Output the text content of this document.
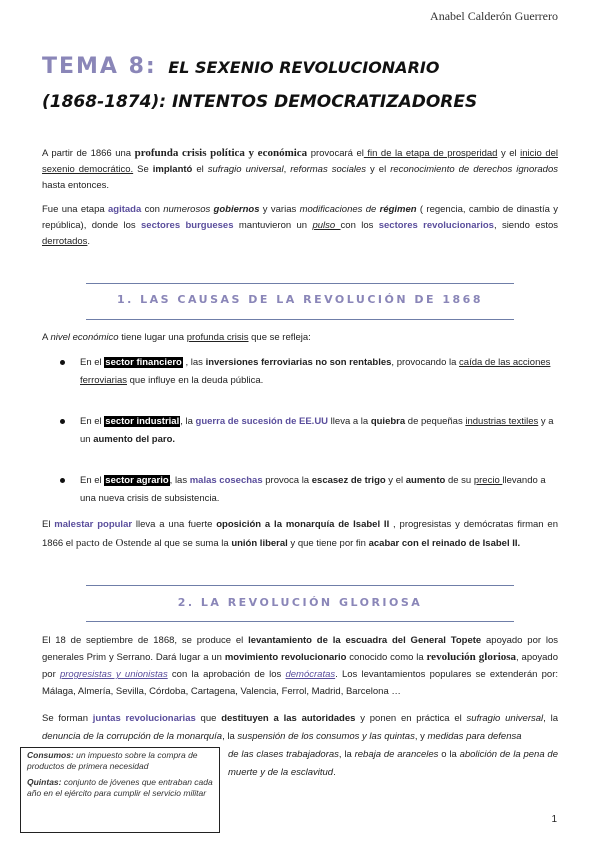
Anabel Calderón Guerrero
TEMA 8: EL SEXENIO REVOLUCIONARIO
(1868-1874): INTENTOS DEMOCRATIZADORES
A partir de 1866 una profunda crisis política y económica provocará el fin de la etapa de prosperidad y el inicio del sexenio democrático. Se implantó el sufragio universal, reformas sociales y el reconocimiento de derechos ignorados hasta entonces.
Fue una etapa agitada con numerosos gobiernos y varias modificaciones de régimen ( regencia, cambio de dinastía y república), donde los sectores burgueses mantuvieron un pulso con los sectores revolucionarios, siendo estos derrotados.
1. LAS CAUSAS DE LA REVOLUCIÓN DE 1868
A nivel económico tiene lugar una profunda crisis que se refleja:
En el sector financiero , las inversiones ferroviarias no son rentables, provocando la caída de las acciones ferroviarias que influye en la deuda pública.
En el sector industrial, la guerra de sucesión de EE.UU lleva a la quiebra de pequeñas industrias textiles y a un aumento del paro.
En el sector agrario, las malas cosechas provoca la escasez de trigo y el aumento de su precio llevando a una nueva crisis de subsistencia.
El malestar popular lleva a una fuerte oposición a la monarquía de Isabel II , progresistas y demócratas firman en 1866 el pacto de Ostende al que se suma la unión liberal y que tiene por fin acabar con el reinado de Isabel II.
2. LA REVOLUCIÓN GLORIOSA
El 18 de septiembre de 1868, se produce el levantamiento de la escuadra del General Topete apoyado por los generales Prim y Serrano. Dará lugar a un movimiento revolucionario conocido como la revolución gloriosa, apoyado por progresistas y unionistas con la aprobación de los demócratas. Los levantamientos populares se extenderán por: Málaga, Almería, Sevilla, Córdoba, Cartagena, Valencia, Ferrol, Madrid, Barcelona …
Se forman juntas revolucionarias que destituyen a las autoridades y ponen en práctica el sufragio universal, la denuncia de la corrupción de la monarquía, la suspensión de los consumos y las quintas, y medidas para defensa
de las clases trabajadoras, la rebaja de aranceles o la abolición de la pena de muerte y de la esclavitud.
Consumos: un impuesto sobre la compra de productos de primera necesidad
Quintas: conjunto de jóvenes que entraban cada año en el ejército para cumplir el servicio militar
1
